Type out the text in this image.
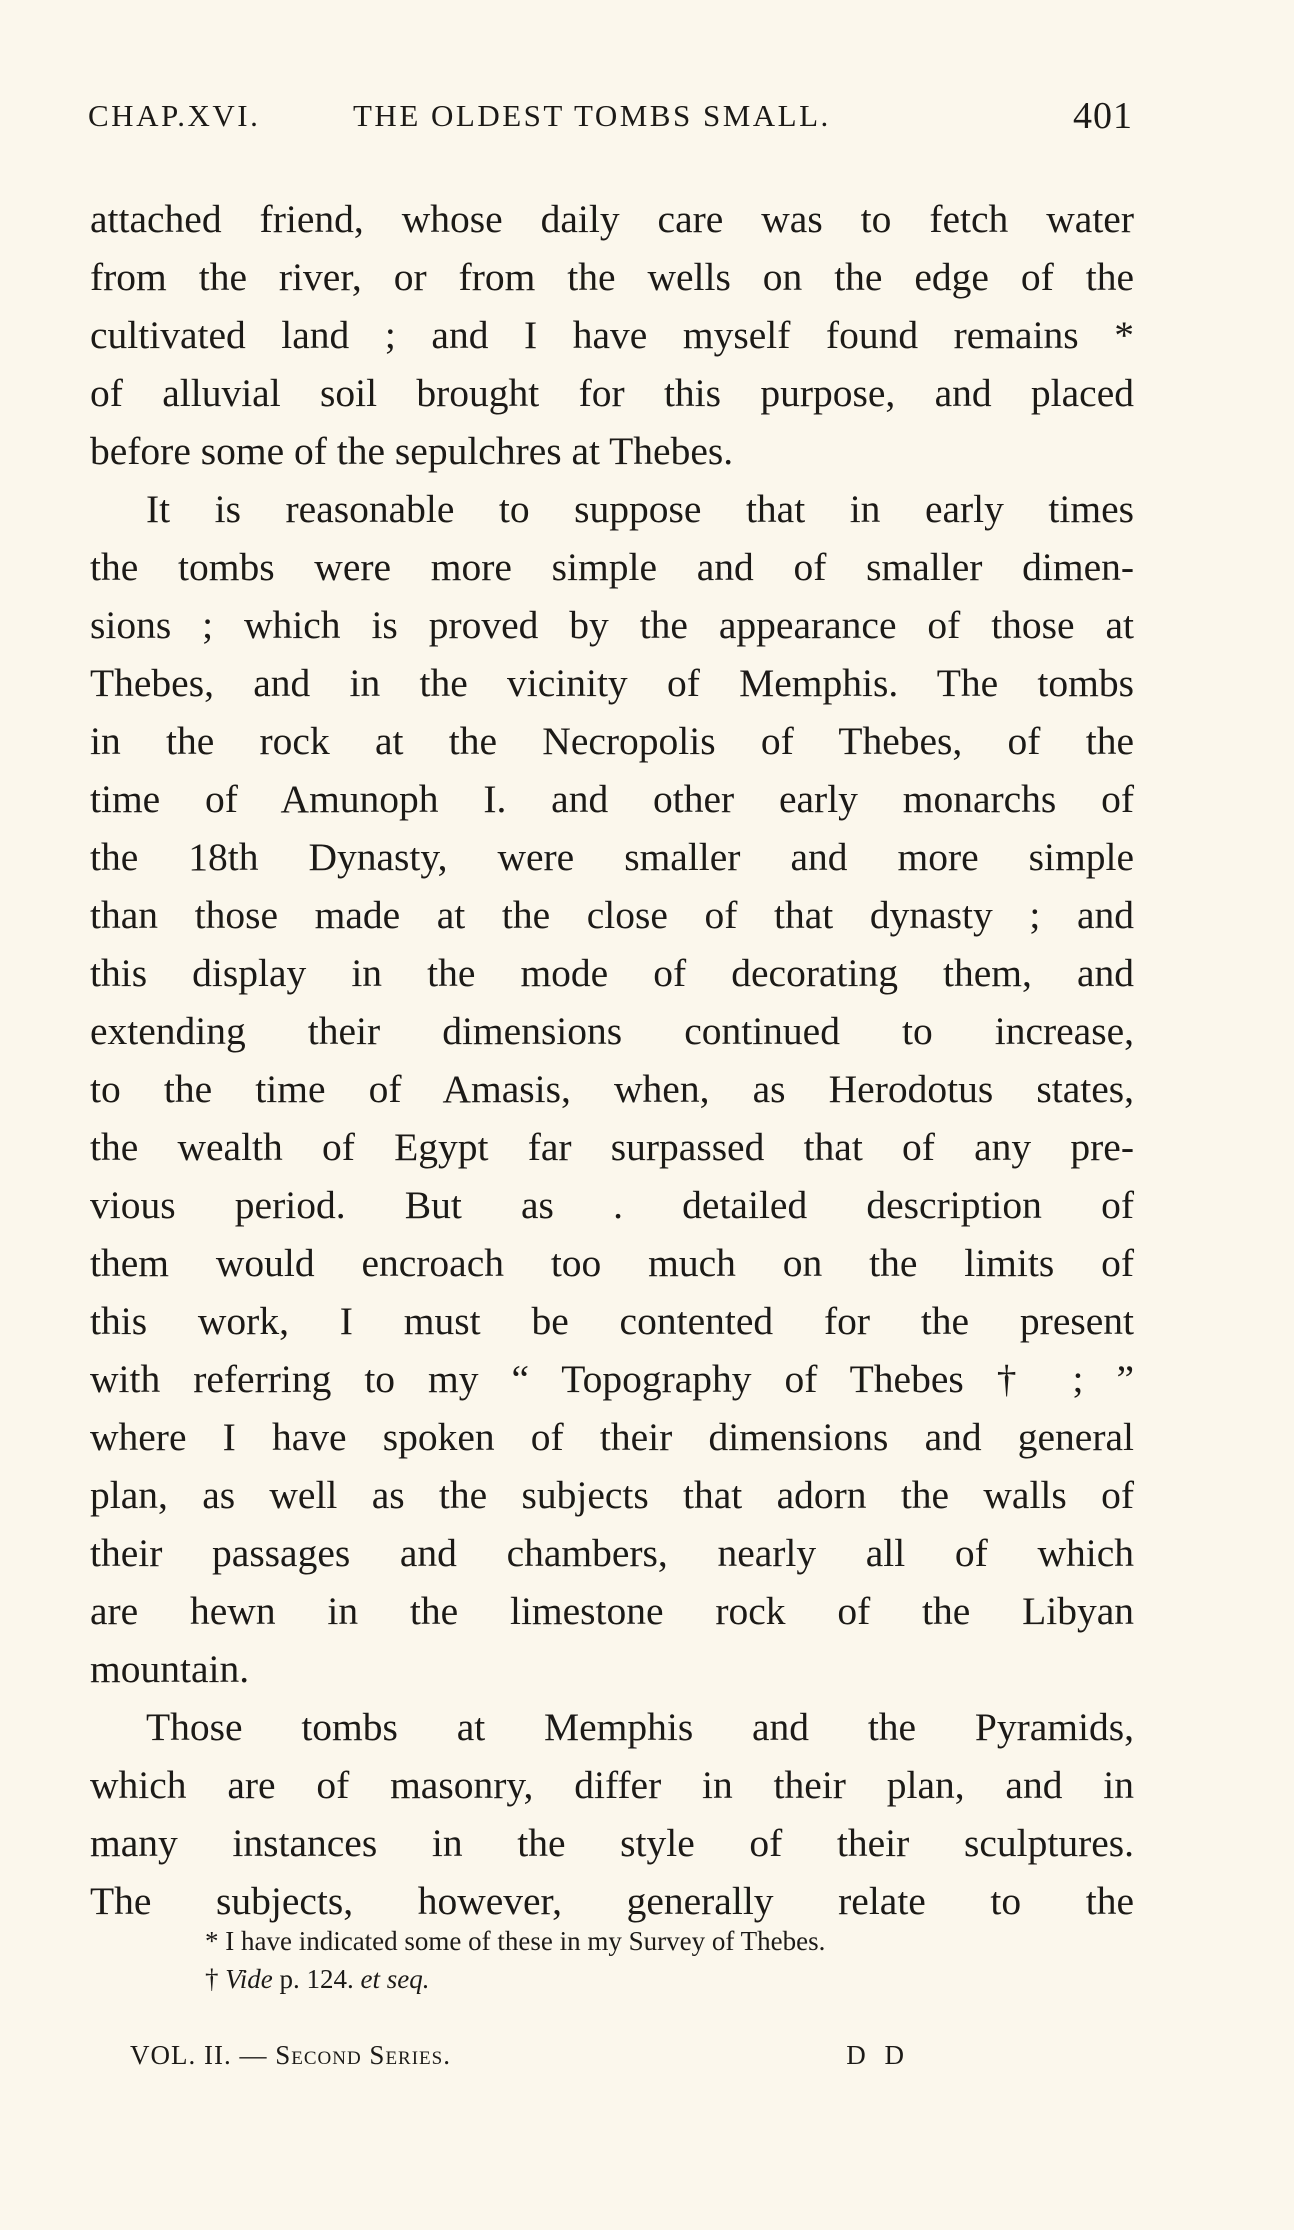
CHAP.XVI.	THE OLDEST TOMBS SMALL.	401
attached friend, whose daily care was to fetch water
from the river, or from the wells on the edge of the
cultivated land ; and I have myself found remains *
of alluvial soil brought for this purpose, and placed
before some of the sepulchres at Thebes.
It is reasonable to suppose that in early times
the tombs were more simple and of smaller dimen-
sions ; which is proved by the appearance of those at
Thebes, and in the vicinity of Memphis. The tombs
in the rock at the Necropolis of Thebes, of the
time of Amunoph I. and other early monarchs of
the 18th Dynasty, were smaller and more simple
than those made at the close of that dynasty ; and
this display in the mode of decorating them, and
extending their dimensions continued to increase,
to the time of Amasis, when, as Herodotus states,
the wealth of Egypt far surpassed that of any pre-
vious period. But as . detailed description of
them would encroach too much on the limits of
this work, I must be contented for the present
with referring to my “ Topography of Thebes † ; ”
where I have spoken of their dimensions and general
plan, as well as the subjects that adorn the walls of
their passages and chambers, nearly all of which
are hewn in the limestone rock of the Libyan
mountain.
Those tombs at Memphis and the Pyramids,
which are of masonry, differ in their plan, and in
many instances in the style of their sculptures.
The subjects, however, generally relate to the
* I have indicated some of these in my Survey of Thebes.
† Vide p. 124. et seq.
VOL. II. — Second Series.	D D
